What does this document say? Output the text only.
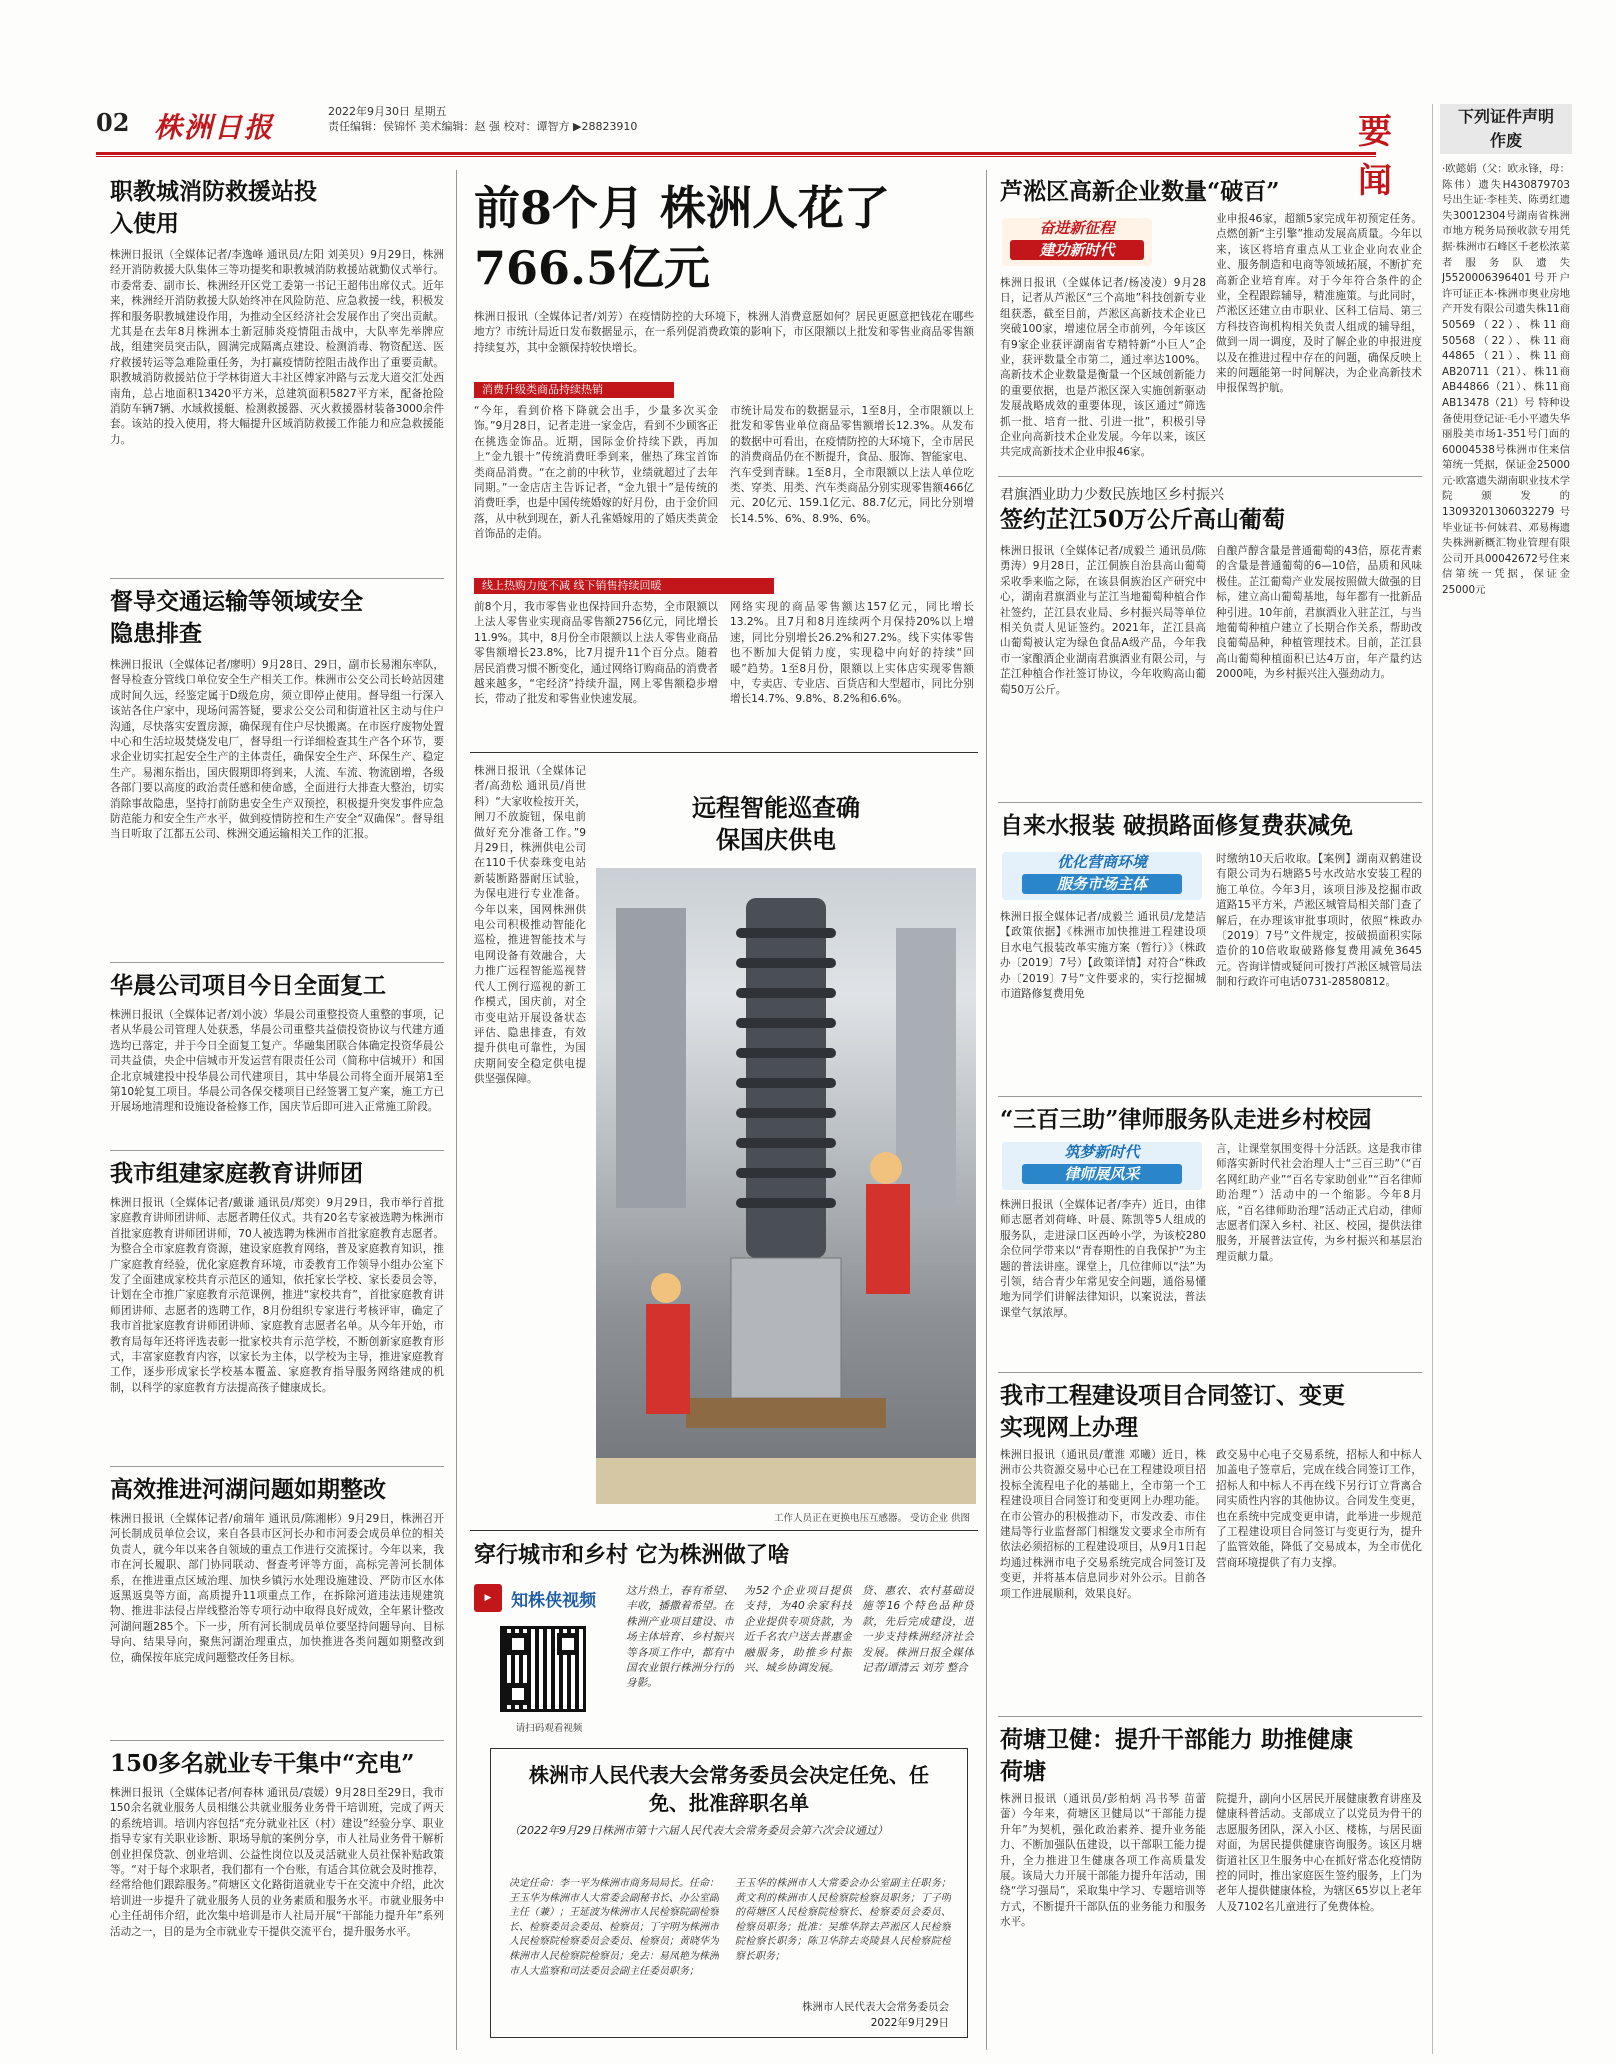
02 株洲日报	2022年9月30日 星期五
责任编辑：侯锦怀 美术编辑：赵 强 校对：谭智方 ▶28823910	要闻
下列证件声明作废
·欧懿娟（父：欧永锋，母：陈伟）遗失H430879703号出生证·李桂芙、陈勇红遗失30012304号湖南省株洲市地方税务局预收款专用凭据·株洲市石峰区千老松浓菜者服务队遗失J5520006396401号开户许可证正本·株洲市奥业房地产开发有限公司遗失株11商50569（22）、株11商50568（22）、株11商44865（21）、株11商AB20711（21）、株11商AB44866（21）、株11商AB13478（21）号 特种设备使用登记证·毛小平遗失华丽股美市场1-351号门面的60004538号株洲市住来信第统一凭据，保证金25000元·欧富遗失湖南职业技术学院颁发的13093201306032279号毕业证书·何妹君、邓易梅遗失株洲新概汇物业管理有限公司开具00042672号住来信第统一凭据，保证金25000元
职教城消防救援站投入使用
株洲日报讯（全媒体记者/李逸峰 通讯员/左阳 刘美贝）9月29日，株洲经开消防救援大队集体三等功提奖和职教城消防救援站就勤仪式举行。市委常委、副市长、株洲经开区党工委第一书记王超伟出席仪式。近年来，株洲经开消防救援大队始终冲在风险防范、应急救援一线，积极发挥和服务职教城建设作用，为推动全区经济社会发展作出了突出贡献。尤其是在去年8月株洲本土新冠肺炎疫情阻击战中，大队率先举牌应战，组建突员突击队，圆满完成隔离点建设、检测消毒、物资配送、医疗救援转运等急难险重任务，为打赢疫情防控阻击战作出了重要贡献。职教城消防救援站位于学林街道大丰社区傅家冲路与云龙大道交汇处西南角，总占地面积13420平方米，总建筑面积5827平方米，配备抢险消防车辆7辆、水域救援艇、检测救援器、灭火救援器材装备3000余件套。该站的投入使用，将大幅提升区域消防救援工作能力和应急救援能力。
督导交通运输等领域安全隐患排查
株洲日报讯（全媒体记者/廖明）9月28日、29日，副市长易湘东率队，督导检查分管线口单位安全生产相关工作。株洲市公交公司长岭站因建成时间久远，经鉴定属于D级危房，须立即停止使用。督导组一行深入该站各住户家中，现场问需答疑，要求公交公司和街道社区主动与住户沟通，尽快落实安置房源，确保现有住户尽快搬离。在市医疗废物处置中心和生活垃圾焚烧发电厂，督导组一行详细检查其生产各个环节，要求企业切实扛起安全生产的主体责任，确保安全生产、环保生产、稳定生产。易湘东指出，国庆假期即将到来，人流、车流、物流剧增，各级各部门要以高度的政治责任感和使命感，全面进行大排查大整治，切实消除事故隐患，坚持打前防患安全生产双预控，积极提升突发事件应急防范能力和安全生产水平，做到疫情防控和生产安全“双确保”。督导组当日听取了江都五公司、株洲交通运输相关工作的汇报。
华晨公司项目今日全面复工
株洲日报讯（全媒体记者/刘小波）华晨公司重整投资人重整的事项，记者从华晨公司管理人处获悉，华晨公司重整共益债投资协议与代建方通选均已落定，并于今日全面复工复产。华融集团联合体确定投资华晨公司共益债，央企中信城市开发运营有限责任公司（简称中信城开）和国企北京城建投中投华晨公司代建项目，其中华晨公司将全面开展第1至第10轮复工项目。华晨公司各保交楼项目已经签署工复产案，施工方已开展场地清理和设施设备检修工作，国庆节后即可进入正常施工阶段。
我市组建家庭教育讲师团
株洲日报讯（全媒体记者/戴谦 通讯员/郑奕）9月29日，我市举行首批家庭教育讲师团讲师、志愿者聘任仪式。共有20名专家被选聘为株洲市首批家庭教育讲师团讲师，70人被选聘为株洲市首批家庭教育志愿者。为整合全市家庭教育资源，建设家庭教育网络，普及家庭教育知识，推广家庭教育经验，优化家庭教育环境，市委教育工作领导小组办公室下发了全面建成家校共育示范区的通知，依托家长学校、家长委员会等，计划在全市推广家庭教育示范课例，推进“家校共育”，首批家庭教育讲师团讲师、志愿者的选聘工作，8月份组织专家进行考核评审，确定了我市首批家庭教育讲师团讲师、家庭教育志愿者名单。从今年开始，市教育局每年还将评选表彰一批家校共育示范学校，不断创新家庭教育形式，丰富家庭教育内容，以家长为主体，以学校为主导，推进家庭教育工作，逐步形成家长学校基本覆盖、家庭教育指导服务网络建成的机制，以科学的家庭教育方法提高孩子健康成长。
高效推进河湖问题如期整改
株洲日报讯（全媒体记者/俞瑞年 通讯员/陈湘彬）9月29日，株洲召开河长制成员单位会议，来自各县市区河长办和市河委会成员单位的相关负责人，就今年以来各自领域的重点工作进行交流探讨。今年以来，我市在河长履职、部门协同联动、督查考评等方面，高标完善河长制体系，在推进重点区域治理、加快乡镇污水处理设施建设、严防市区水体返黑返臭等方面，高质提升11项重点工作，在拆除河道违法违规建筑物、推进非法侵占岸线整治等专项行动中取得良好成效，全年累计整改河湖问题285个。下一步，所有河长制成员单位要坚持问题导向、目标导向、结果导向，聚焦河湖治理重点，加快推进各类问题如期整改到位，确保按年底完成问题整改任务目标。
150多名就业专干集中“充电”
株洲日报讯（全媒体记者/何春林 通讯员/袁媛）9月28日至29日，我市150余名就业服务人员相继公共就业服务业务骨干培训班，完成了两天的系统培训。培训内容包括“充分就业社区（村）建设”经验分享、职业指导专家有关职业诊断、职场导航的案例分享，市人社局业务骨干解析创业担保贷款、创业培训、公益性岗位以及灵活就业人员社保补贴政策等。“对于每个求职者，我们都有一个台账，有适合其位就会及时推荐，经常给他们跟踪服务。”荷塘区文化路街道就业专干在交流中介绍，此次培训进一步提升了就业服务人员的业务素质和服务水平。市就业服务中心主任胡伟介绍，此次集中培训是市人社局开展“干部能力提升年”系列活动之一，目的是为全市就业专干提供交流平台，提升服务水平。
前8个月 株洲人花了766.5亿元
株洲日报讯（全媒体记者/刘芳）在疫情防控的大环境下，株洲人消费意愿如何？居民更愿意把钱花在哪些地方？市统计局近日发布数据显示，在一系列促消费政策的影响下，市区限额以上批发和零售业商品零售额持续复苏，其中金额保持较快增长。
消费升级类商品持续热销
“今年，看到价格下降就会出手，少量多次买金饰。”9月28日，记者走进一家金店，看到不少顾客正在挑选金饰品。近期，国际金价持续下跌，再加上“金九银十”传统消费旺季到来，催热了珠宝首饰类商品消费。“在之前的中秋节，业绩就超过了去年同期。”一金店店主告诉记者，“金九银十”是传统的消费旺季，也是中国传统婚嫁的好月份，由于金价回落，从中秋到现在，新人孔雀婚嫁用的了婚庆类黄金首饰品的走俏。
市统计局发布的数据显示，1至8月，全市限额以上批发和零售业单位商品零售额增长12.3%。从发布的数据中可看出，在疫情防控的大环境下，全市居民的消费商品仍在不断提升，食品、服饰、智能家电、汽车受到青睐。1至8月，全市限额以上法人单位吃类、穿类、用类、汽车类商品分别实现零售额466亿元、20亿元、159.1亿元、88.7亿元，同比分别增长14.5%、6%、8.9%、6%。
线上热购力度不减 线下销售持续回暖
前8个月，我市零售业也保持回升态势，全市限额以上法人零售业实现商品零售额2756亿元，同比增长11.9%。其中，8月份全市限额以上法人零售业商品零售额增长23.8%，比7月提升11个百分点。随着居民消费习惯不断变化，通过网络订购商品的消费者越来越多，“宅经济”持续升温，网上零售额稳步增长，带动了批发和零售业快速发展。
网络实现的商品零售额达157亿元，同比增长13.2%。且7月和8月连续两个月保持20%以上增速，同比分别增长26.2%和27.2%。线下实体零售也不断加大促销力度，实现稳中向好的持续“回暖”趋势。1至8月份，限额以上实体店实现零售额中，专卖店、专业店、百货店和大型超市，同比分别增长14.7%、9.8%、8.2%和6.6%。
株洲日报讯（全媒体记者/高劲松 通讯员/肖世科）“大家收检按开关，闸刀不放旋钮，保电前做好充分准备工作。”9月29日，株洲供电公司在110千伏泰珠变电站新装断路器耐压试验，为保电进行专业准备。今年以来，国网株洲供电公司积极推动智能化巡检，推进智能技术与电网设备有效融合，大力推广远程智能巡视替代人工例行巡视的新工作模式，国庆前，对全市变电站开展设备状态评估、隐患排查，有效提升供电可靠性，为国庆期间安全稳定供电提供坚强保障。
远程智能巡查确保国庆供电
工作人员正在更换电压互感器。 受访企业 供图
穿行城市和乡村 它为株洲做了啥
▶ 知株侠视频
请扫码观看视频
这片热土，春有希望、丰收，播撒着希望。在株洲产业项目建设、市场主体培育、乡村振兴等各项工作中，都有中国农业银行株洲分行的身影。
为52个企业项目提供支持，为40余家科技企业提供专项贷款，为近千名农户送去普惠金融服务，助推乡村振兴、城乡协调发展。
贷、惠农、农村基础设施等16个特色品种贷款，先后完成建设，进一步支持株洲经济社会发展。株洲日报全媒体记者/谭清云 刘芳 整合
株洲市人民代表大会常务委员会决定任免、任免、批准辞职名单
（2022年9月29日株洲市第十六届人民代表大会常务委员会第六次会议通过）
决定任命：李一平为株洲市商务局局长。任命：王玉华为株洲市人大常委会副秘书长、办公室副主任（兼）；王延波为株洲市人民检察院副检察长、检察委员会委员、检察员；丁宇明为株洲市人民检察院检察委员会委员、检察员；黄晓华为株洲市人民检察院检察员；免去：易凤艳为株洲市人大监察和司法委员会副主任委员职务；
王玉华的株洲市人大常委会办公室副主任职务；黄文利的株洲市人民检察院检察员职务；丁子明的荷塘区人民检察院检察长、检察委员会委员、检察员职务；批准：吴维华辞去芦淞区人民检察院检察长职务；陈卫华辞去炎陵县人民检察院检察长职务；
株洲市人民代表大会常务委员会
2022年9月29日
芦淞区高新企业数量“破百”
奋进新征程
建功新时代
株洲日报讯（全媒体记者/杨凌凌）9月28日，记者从芦淞区“三个高地”科技创新专业组获悉，截至目前，芦淞区高新技术企业已突破100家，增速位居全市前列，今年该区有9家企业获评湖南省专精特新“小巨人”企业，获评数量全市第二，通过率达100%。高新技术企业数量是衡量一个区域创新能力的重要依据，也是芦淞区深入实施创新驱动发展战略成效的重要体现，该区通过“筛选抓一批、培育一批、引进一批”，积极引导企业向高新技术企业发展。今年以来，该区共完成高新技术企业申报46家。
业申报46家，超额5家完成年初预定任务。点燃创新“主引擎”推动发展高质量。今年以来，该区将培育重点从工业企业向农业企业、服务制造和电商等领域拓展，不断扩充高新企业培育库。对于今年符合条件的企业，全程跟踪辅导，精准施策。与此同时，芦淞区还建立由市职业、区科工信局、第三方科技咨询机构相关负责人组成的辅导组，做到一周一调度，及时了解企业的申报进度以及在推进过程中存在的问题，确保反映上来的问题能第一时间解决，为企业高新技术申报保驾护航。
君旗酒业助力少数民族地区乡村振兴
签约芷江50万公斤高山葡萄
株洲日报讯（全媒体记者/成毅兰 通讯员/陈勇涛）9月28日，芷江侗族自治县高山葡萄采收季来临之际，在该县侗族治区产研究中心，湖南君旗酒业与芷江当地葡萄种植合作社签约，芷江县农业局、乡村振兴局等单位相关负责人见证签约。2021年，芷江县高山葡萄被认定为绿色食品A级产品，今年我市一家酿酒企业湖南君旗酒业有限公司，与芷江种植合作社签订协议，今年收购高山葡萄50万公斤。
自酿芦醇含量是普通葡萄的43倍，原花青素的含量是普通葡萄的6—10倍，品质和风味极佳。芷江葡萄产业发展按照做大做强的目标，建立高山葡萄基地，每年都有一批新品种引进。10年前，君旗酒业入驻芷江，与当地葡萄种植户建立了长期合作关系，帮助改良葡萄品种，种植管理技术。目前，芷江县高山葡萄种植面积已达4万亩，年产量约达2000吨，为乡村振兴注入强劲动力。
自来水报装 破损路面修复费获减免
优化营商环境
服务市场主体
株洲日报全媒体记者/成毅兰 通讯员/龙楚洁【政策依据】《株洲市加快推进工程建设项目水电气报装改革实施方案（暂行）》（株政办〔2019〕7号）【政策详情】对符合“株政办〔2019〕7号”文件要求的，实行挖掘城市道路修复费用免
时缴纳10天后收取。【案例】湖南双鹤建设有限公司为石塘路5号水改站水安装工程的施工单位。今年3月，该项目涉及挖掘市政道路15平方米，芦淞区城管局相关部门查了解后，在办理该审批事项时，依照“株政办〔2019〕7号”文件规定，按破损面积实际造价的10倍收取破路修复费用减免3645元。咨询详情或疑问可拨打芦淞区城管局法制和行政许可电话0731-28580812。
“三百三助”律师服务队走进乡村校园
筑梦新时代
律师展风采
株洲日报讯（全媒体记者/李卉）近日，由律师志愿者刘荷峰、叶晨、陈凯等5人组成的服务队，走进渌口区西岭小学，为该校280余位同学带来以“青春期性的自我保护”为主题的普法讲座。课堂上，几位律师以“法”为引领，结合青少年常见安全问题，通俗易懂地为同学们讲解法律知识，以案说法，普法课堂气氛浓厚。
言，让课堂氛围变得十分活跃。这是我市律师落实新时代社会治理人士“三百三助”（“百名网红助产业”“百名专家助创业”“百名律师助治理”）活动中的一个缩影。今年8月底，“百名律师助治理”活动正式启动，律师志愿者们深入乡村、社区、校园，提供法律服务，开展普法宣传，为乡村振兴和基层治理贡献力量。
我市工程建设项目合同签订、变更实现网上办理
株洲日报讯（通讯员/董淮 邓曦）近日，株洲市公共资源交易中心已在工程建设项目招投标全流程电子化的基础上，全市第一个工程建设项目合同签订和变更网上办理功能。在市公管办的积极推动下，市发改委、市住建局等行业监督部门相继发文要求全市所有依法必须招标的工程建设项目，从9月1日起均通过株洲市电子交易系统完成合同签订及变更，并将基本信息同步对外公示。目前各项工作进展顺利，效果良好。
政交易中心电子交易系统，招标人和中标人加盖电子签章后，完成在线合同签订工作，招标人和中标人不再在线下另行订立背离合同实质性内容的其他协议。合同发生变更，也在系统中完成变更申请，此举进一步规范了工程建设项目合同签订与变更行为，提升了监管效能，降低了交易成本，为全市优化营商环境提供了有力支撑。
荷塘卫健：提升干部能力 助推健康荷塘
株洲日报讯（通讯员/彭柏炳 冯书琴 苗蕾蕾）今年来，荷塘区卫健局以“干部能力提升年”为契机，强化政治素养、提升业务能力、不断加强队伍建设，以干部职工能力提升，全力推进卫生健康各项工作高质量发展。该局大力开展干部能力提升年活动，围绕“学习强局”，采取集中学习、专题培训等方式，不断提升干部队伍的业务能力和服务水平。
院提升，副向小区居民开展健康教育讲座及健康科普活动。支部成立了以党员为骨干的志愿服务团队，深入小区、楼栋，与居民面对面，为居民提供健康咨询服务。该区月塘街道社区卫生服务中心在抓好常态化疫情防控的同时，推出家庭医生签约服务，上门为老年人提供健康体检，为辖区65岁以上老年人及7102名儿童进行了免费体检。
